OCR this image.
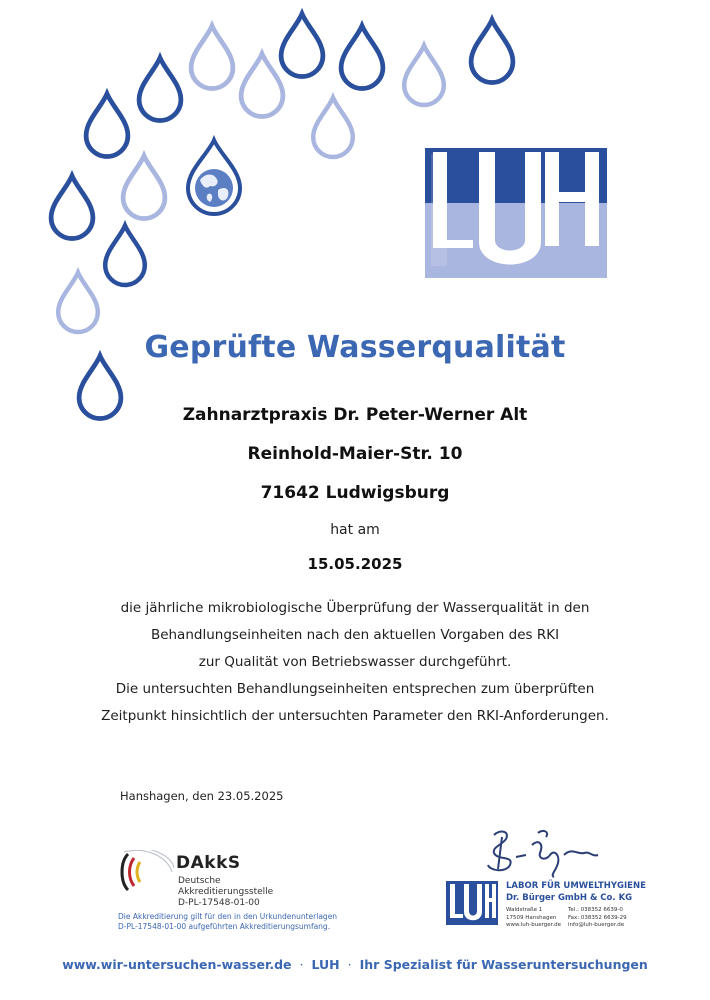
Geprüfte Wasserqualität
Zahnarztpraxis Dr. Peter-Werner Alt
Reinhold-Maier-Str. 10
71642 Ludwigsburg
hat am
15.05.2025
die jährliche mikrobiologische Überprüfung der Wasserqualität in den
Behandlungseinheiten nach den aktuellen Vorgaben des RKI
zur Qualität von Betriebswasser durchgeführt.
Die untersuchten Behandlungseinheiten entsprechen zum überprüften
Zeitpunkt hinsichtlich der untersuchten Parameter den RKI-Anforderungen.
Hanshagen, den 23.05.2025
DAkkS
Deutsche
Akkreditierungsstelle
D-PL-17548-01-00
Die Akkreditierung gilt für den in den Urkundenunterlagen
D-PL-17548-01-00 aufgeführten Akkreditierungsumfang.
LABOR FÜR UMWELTHYGIENE
Dr. Bürger GmbH & Co. KG
Waldstraße 1	Tel.: 038352 6639-0
17509 Hanshagen Fax: 038352 6639-29
www.luh-buerger.de info@luh-buerger.de
www.wir-untersuchen-wasser.de · LUH · Ihr Spezialist für Wasseruntersuchungen
